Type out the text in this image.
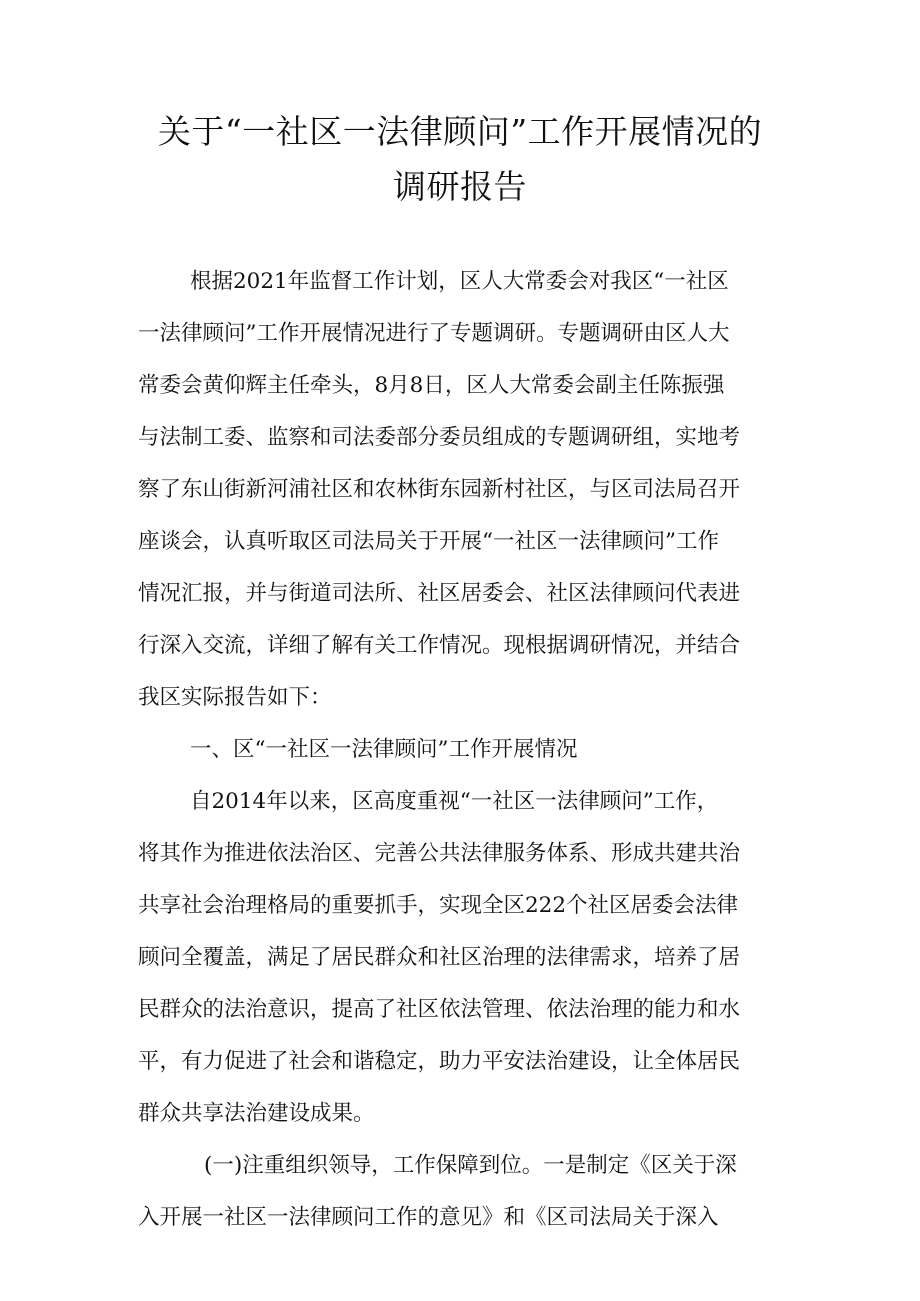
关于“一社区一法律顾问”工作开展情况的
调研报告
根据2021年监督工作计划，区人大常委会对我区“一社区
一法律顾问”工作开展情况进行了专题调研。专题调研由区人大
常委会黄仰辉主任牵头，8月8日，区人大常委会副主任陈振强
与法制工委、监察和司法委部分委员组成的专题调研组，实地考
察了东山街新河浦社区和农林街东园新村社区，与区司法局召开
座谈会，认真听取区司法局关于开展“一社区一法律顾问”工作
情况汇报，并与街道司法所、社区居委会、社区法律顾问代表进
行深入交流，详细了解有关工作情况。现根据调研情况，并结合
我区实际报告如下：
一、区“一社区一法律顾问”工作开展情况
自2014年以来，区高度重视“一社区一法律顾问”工作，
将其作为推进依法治区、完善公共法律服务体系、形成共建共治
共享社会治理格局的重要抓手，实现全区222个社区居委会法律
顾问全覆盖，满足了居民群众和社区治理的法律需求，培养了居
民群众的法治意识，提高了社区依法管理、依法治理的能力和水
平，有力促进了社会和谐稳定，助力平安法治建设，让全体居民
群众共享法治建设成果。
(一)注重组织领导，工作保障到位。一是制定《区关于深
入开展一社区一法律顾问工作的意见》和《区司法局关于深入
